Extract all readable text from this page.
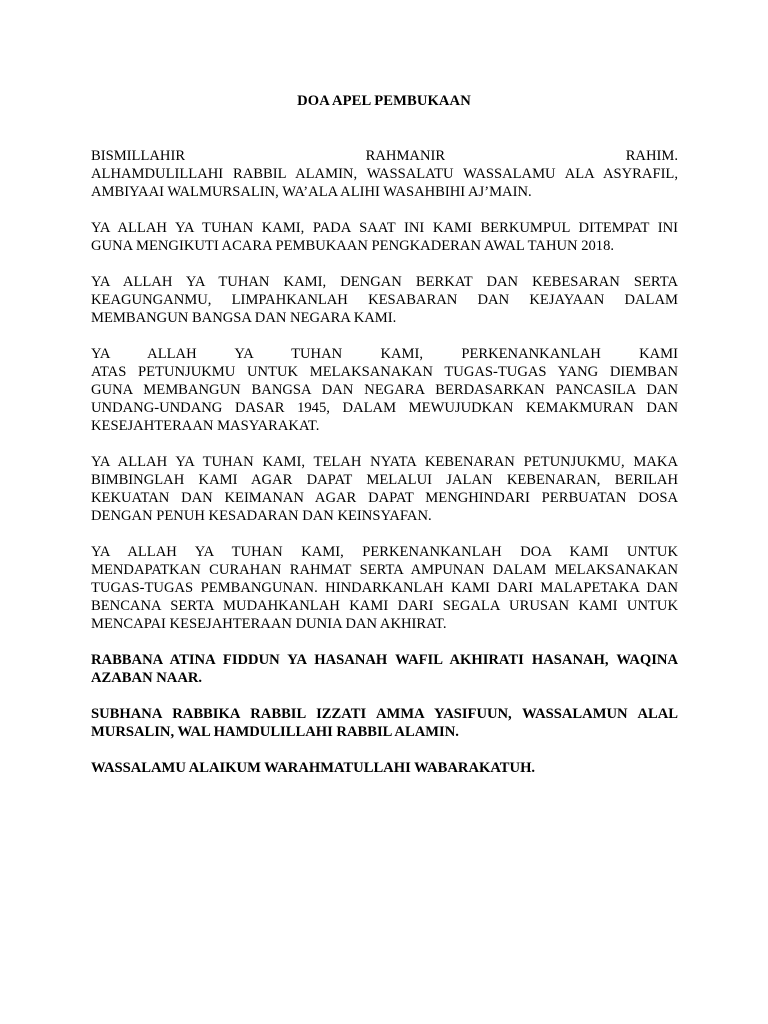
DOA APEL PEMBUKAAN
BISMILLAHIR RAHMANIR RAHIM.
ALHAMDULILLAHI RABBIL ALAMIN, WASSALATU WASSALAMU ALA ASYRAFIL,
AMBIYAAI WALMURSALIN, WA’ALA ALIHI WASAHBIHI AJ’MAIN.
YA ALLAH YA TUHAN KAMI, PADA SAAT INI KAMI BERKUMPUL DITEMPAT INI
GUNA MENGIKUTI ACARA PEMBUKAAN PENGKADERAN AWAL TAHUN 2018.
YA ALLAH YA TUHAN KAMI, DENGAN BERKAT DAN KEBESARAN SERTA
KEAGUNGANMU, LIMPAHKANLAH KESABARAN DAN KEJAYAAN DALAM
MEMBANGUN BANGSA DAN NEGARA KAMI.
YA ALLAH YA TUHAN KAMI, PERKENANKANLAH KAMI
ATAS PETUNJUKMU UNTUK MELAKSANAKAN TUGAS-TUGAS YANG DIEMBAN
GUNA MEMBANGUN BANGSA DAN NEGARA BERDASARKAN PANCASILA DAN
UNDANG-UNDANG DASAR 1945, DALAM MEWUJUDKAN KEMAKMURAN DAN
KESEJAHTERAAN MASYARAKAT.
YA ALLAH YA TUHAN KAMI, TELAH NYATA KEBENARAN PETUNJUKMU, MAKA
BIMBINGLAH KAMI AGAR DAPAT MELALUI JALAN KEBENARAN, BERILAH
KEKUATAN DAN KEIMANAN AGAR DAPAT MENGHINDARI PERBUATAN DOSA
DENGAN PENUH KESADARAN DAN KEINSYAFAN.
YA ALLAH YA TUHAN KAMI, PERKENANKANLAH DOA KAMI UNTUK
MENDAPATKAN CURAHAN RAHMAT SERTA AMPUNAN DALAM MELAKSANAKAN
TUGAS-TUGAS PEMBANGUNAN. HINDARKANLAH KAMI DARI MALAPETAKA DAN
BENCANA SERTA MUDAHKANLAH KAMI DARI SEGALA URUSAN KAMI UNTUK
MENCAPAI KESEJAHTERAAN DUNIA DAN AKHIRAT.
RABBANA ATINA FIDDUN YA HASANAH WAFIL AKHIRATI HASANAH, WAQINA
AZABAN NAAR.
SUBHANA RABBIKA RABBIL IZZATI AMMA YASIFUUN, WASSALAMUN ALAL
MURSALIN, WAL HAMDULILLAHI RABBIL ALAMIN.
WASSALAMU ALAIKUM WARAHMATULLAHI WABARAKATUH.
